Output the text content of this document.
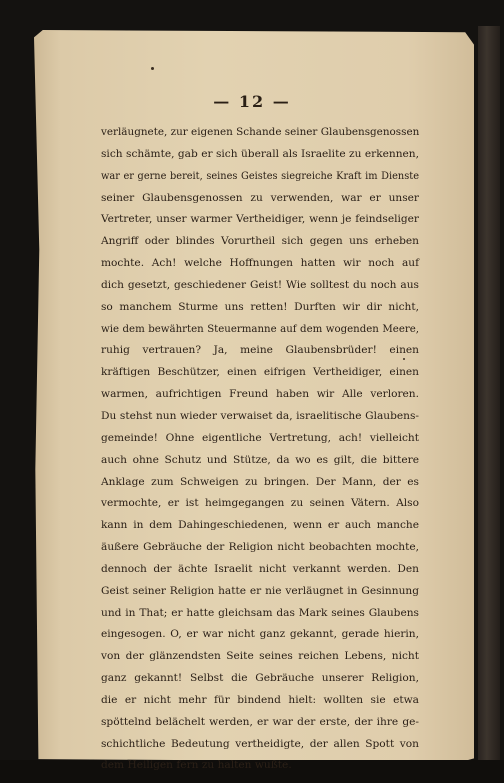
— 12 —
verläugnete, zur eigenen Schande seiner Glaubensgenossen
sich schämte, gab er sich überall als Israelite zu erkennen,
war er gerne bereit, seines Geistes siegreiche Kraft im Dienste
seiner Glaubensgenossen zu verwenden, war er unser
Vertreter, unser warmer Vertheidiger, wenn je feindseliger
Angriff oder blindes Vorurtheil sich gegen uns erheben
mochte. Ach! welche Hoffnungen hatten wir noch auf
dich gesetzt, geschiedener Geist! Wie solltest du noch aus
so manchem Sturme uns retten! Durften wir dir nicht,
wie dem bewährten Steuermanne auf dem wogenden Meere,
ruhig vertrauen? Ja, meine Glaubensbrüder! einen
kräftigen Beschützer, einen eifrigen Vertheidiger, einen
warmen, aufrichtigen Freund haben wir Alle verloren.
Du stehst nun wieder verwaiset da, israelitische Glaubens-
gemeinde! Ohne eigentliche Vertretung, ach! vielleicht
auch ohne Schutz und Stütze, da wo es gilt, die bittere
Anklage zum Schweigen zu bringen. Der Mann, der es
vermochte, er ist heimgegangen zu seinen Vätern. Also
kann in dem Dahingeschiedenen, wenn er auch manche
äußere Gebräuche der Religion nicht beobachten mochte,
dennoch der ächte Israelit nicht verkannt werden. Den
Geist seiner Religion hatte er nie verläugnet in Gesinnung
und in That; er hatte gleichsam das Mark seines Glaubens
eingesogen. O, er war nicht ganz gekannt, gerade hierin,
von der glänzendsten Seite seines reichen Lebens, nicht
ganz gekannt! Selbst die Gebräuche unserer Religion,
die er nicht mehr für bindend hielt: wollten sie etwa
spöttelnd belächelt werden, er war der erste, der ihre ge-
schichtliche Bedeutung vertheidigte, der allen Spott von
dem Heiligen fern zu halten wußte.
